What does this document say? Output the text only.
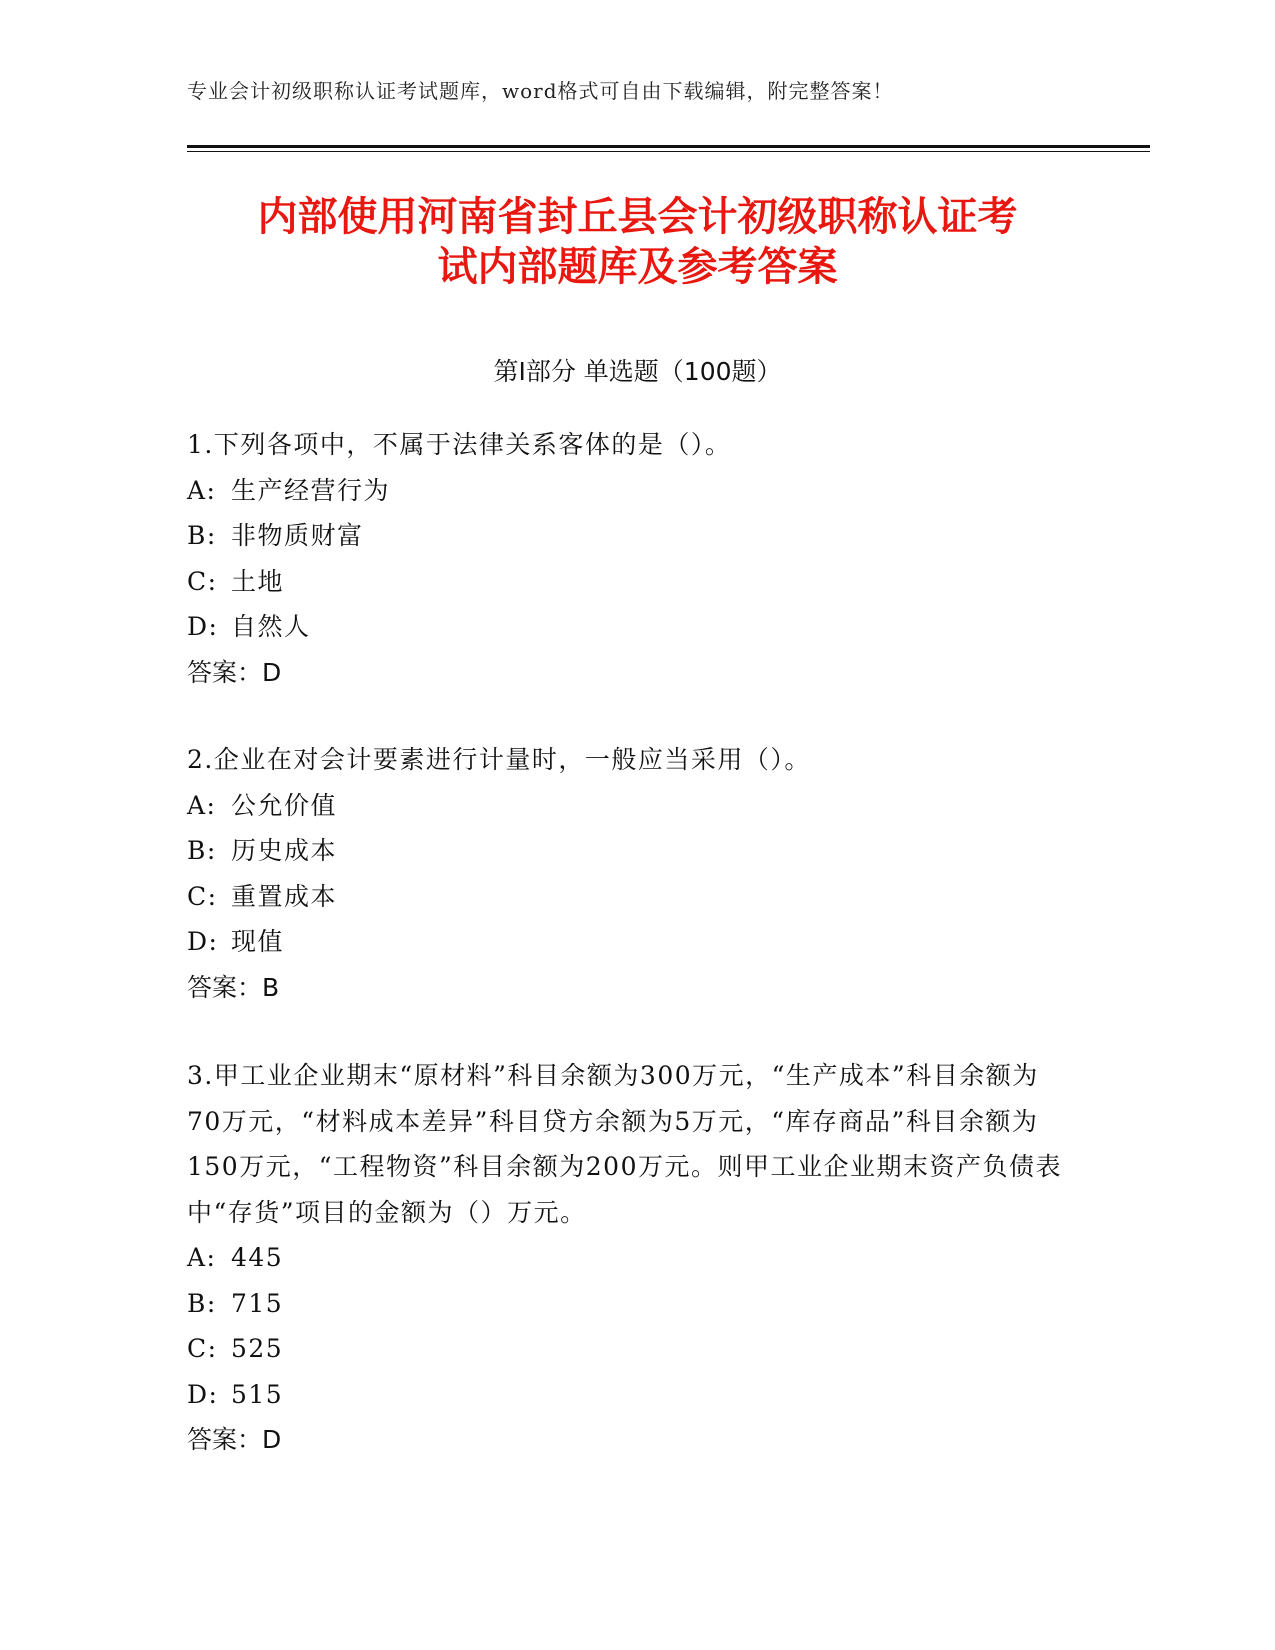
专业会计初级职称认证考试题库，word格式可自由下载编辑，附完整答案！
内部使用河南省封丘县会计初级职称认证考
试内部题库及参考答案
第Ⅰ部分 单选题（100题）

1.下列各项中，不属于法律关系客体的是（）。

A: 生产经营行为
B: 非物质财富
C: 土地
D: 自然人
答案：D

2.企业在对会计要素进行计量时，一般应当采用（）。

A: 公允价值
B: 历史成本
C: 重置成本
D: 现值
答案：B

3.甲工业企业期末“原材料”科目余额为300万元，“生产成本”科目余额为70万元，“材料成本差异”科目贷方余额为5万元，“库存商品”科目余额为150万元，“工程物资”科目余额为200万元。则甲工业企业期末资产负债表中“存货”项目的金额为（）万元。

A: 445
B: 715
C: 525
D: 515
答案：D
